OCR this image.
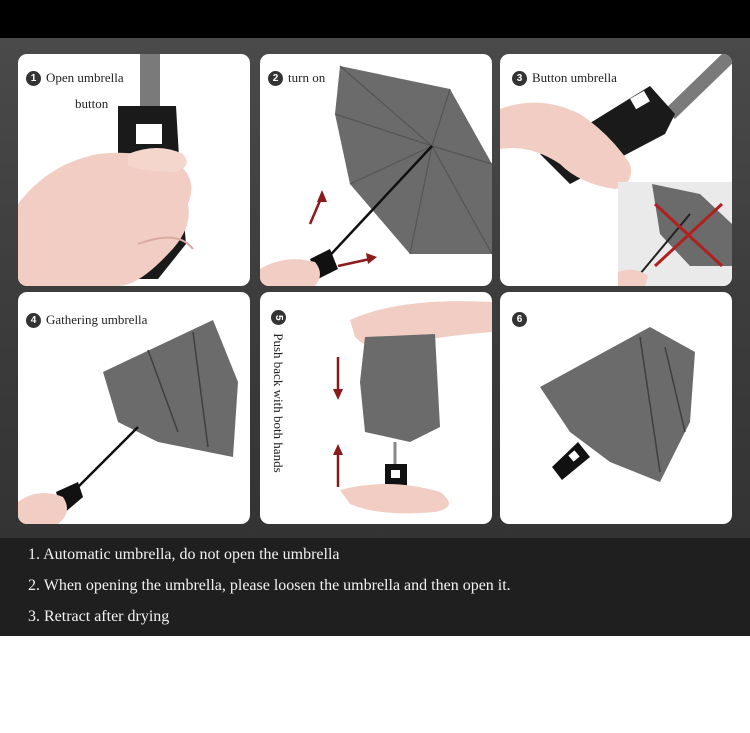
1 Open umbrella
button
2 turn on	3 Button umbrella
4 Gathering umbrella	5 Push back with both hands
6
1. Automatic umbrella, do not open the umbrella
2. When opening the umbrella, please loosen the umbrella and then open it.
3. Retract after drying
